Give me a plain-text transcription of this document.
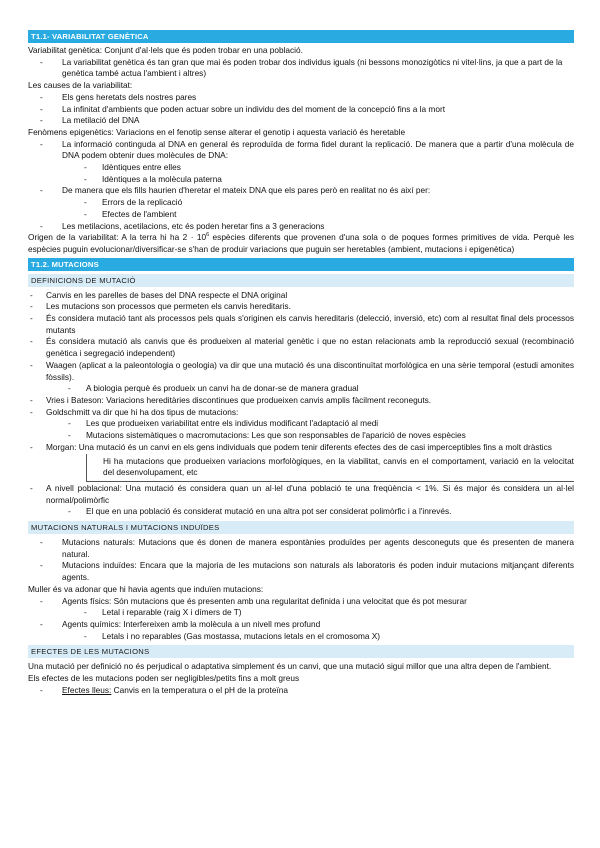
T1.1- VARIABILITAT GENÈTICA

Variabilitat genètica: Conjunt d'al·lels que és poden trobar en una població.

- La variabilitat genètica és tan gran que mai és poden trobar dos individus iguals (ni bessons monozigòtics ni vitel·lins, ja que a part de la genètica també actua l'ambient i altres)

Les causes de la variabilitat:

- Els gens heretats dels nostres pares
- La infinitat d'ambients que poden actuar sobre un individu des del moment de la concepció fins a la mort
- La metilació del DNA

Fenòmens epigenètics: Variacions en el fenotip sense alterar el genotip i aquesta variació és heretable

- La informació continguda al DNA en general és reproduïda de forma fidel durant la replicació. De manera que a partir d'una molècula de DNA podem obtenir dues molècules de DNA:
- Idèntiques entre elles
- Idèntiques a la molècula paterna
- De manera que els fills haurien d'heretar el mateix DNA que els pares però en realitat no és així per:
- Errors de la replicació
- Efectes de l'ambient
- Les metilacions, acetilacions, etc és poden heretar fins a 3 generacions

Origen de la variabilitat: A la terra hi ha $2 \cdot 10^6$ espècies diferents que provenen d'una sola o de poques formes primitives de vida. Perquè les espècies puguin evolucionar/diversificar-se s'han de produir variacions que puguin ser heretables (ambient, mutacions i epigenètica)

T1.2. MUTACIONS
DEFINICIONS DE MUTACIÓ
- Canvis en les parelles de bases del DNA respecte el DNA original
- Les mutacions son processos que permeten els canvis hereditaris.
- És considera mutació tant als processos pels quals s'originen els canvis hereditaris (delecció, inversió, etc) com al resultat final dels processos mutants
- És considera mutació als canvis que és produeixen al material genètic i que no estan relacionats amb la reproducció sexual (recombinació genètica i segregació independent)
- Waagen (aplicat a la paleontologia o geologia) va dir que una mutació és una discontinuïtat morfològica en una sèrie temporal (estudi amonites fòssils).
- A biologia perquè és produeix un canvi ha de donar-se de manera gradual
- Vries i Bateson: Variacions hereditàries discontinues que produeixen canvis amplis fàcilment reconeguts.
- Goldschmitt va dir que hi ha dos tipus de mutacions:
- Les que produeixen variabilitat entre els individus modificant l'adaptació al medi
- Mutacions sistemàtiques o macromutacions: Les que son responsables de l'aparició de noves espècies
- Morgan: Una mutació és un canvi en els gens individuals que podem tenir diferents efectes des de casi imperceptibles fins a molt dràstics
Hi ha mutacions que produeixen variacions morfològiques, en la viabilitat, canvis en el comportament, variació en la velocitat del desenvolupament, etc
- A nivell poblacional: Una mutació és considera quan un al·lel d'una població te una freqüència < 1%. Si és major és considera un al·lel normal/polimòrfic
- El que en una població és considerat mutació en una altra pot ser considerat polimòrfic i a l'inrevés.
MUTACIONS NATURALS I MUTACIONS INDUÏDES
- Mutacions naturals: Mutacions que és donen de manera espontànies produïdes per agents desconeguts que és presenten de manera natural.
- Mutacions induïdes: Encara que la majoria de les mutacions son naturals als laboratoris és poden induir mutacions mitjançant diferents agents.

Muller és va adonar que hi havia agents que induïen mutacions:

- Agents físics: Són mutacions que és presenten amb una regularitat definida i una velocitat que és pot mesurar
- Letal i reparable (raig X i dímers de T)
- Agents químics: Interfereixen amb la molècula a un nivell mes profund
- Letals i no reparables (Gas mostassa, mutacions letals en el cromosoma X)
EFECTES DE LES MUTACIONS

Una mutació per definició no és perjudical o adaptativa simplement és un canvi, que una mutació sigui millor que una altra depen de l'ambient.

Els efectes de les mutacions poden ser negligibles/petits fins a molt greus

- Efectes lleus: Canvis en la temperatura o el pH de la proteïna
